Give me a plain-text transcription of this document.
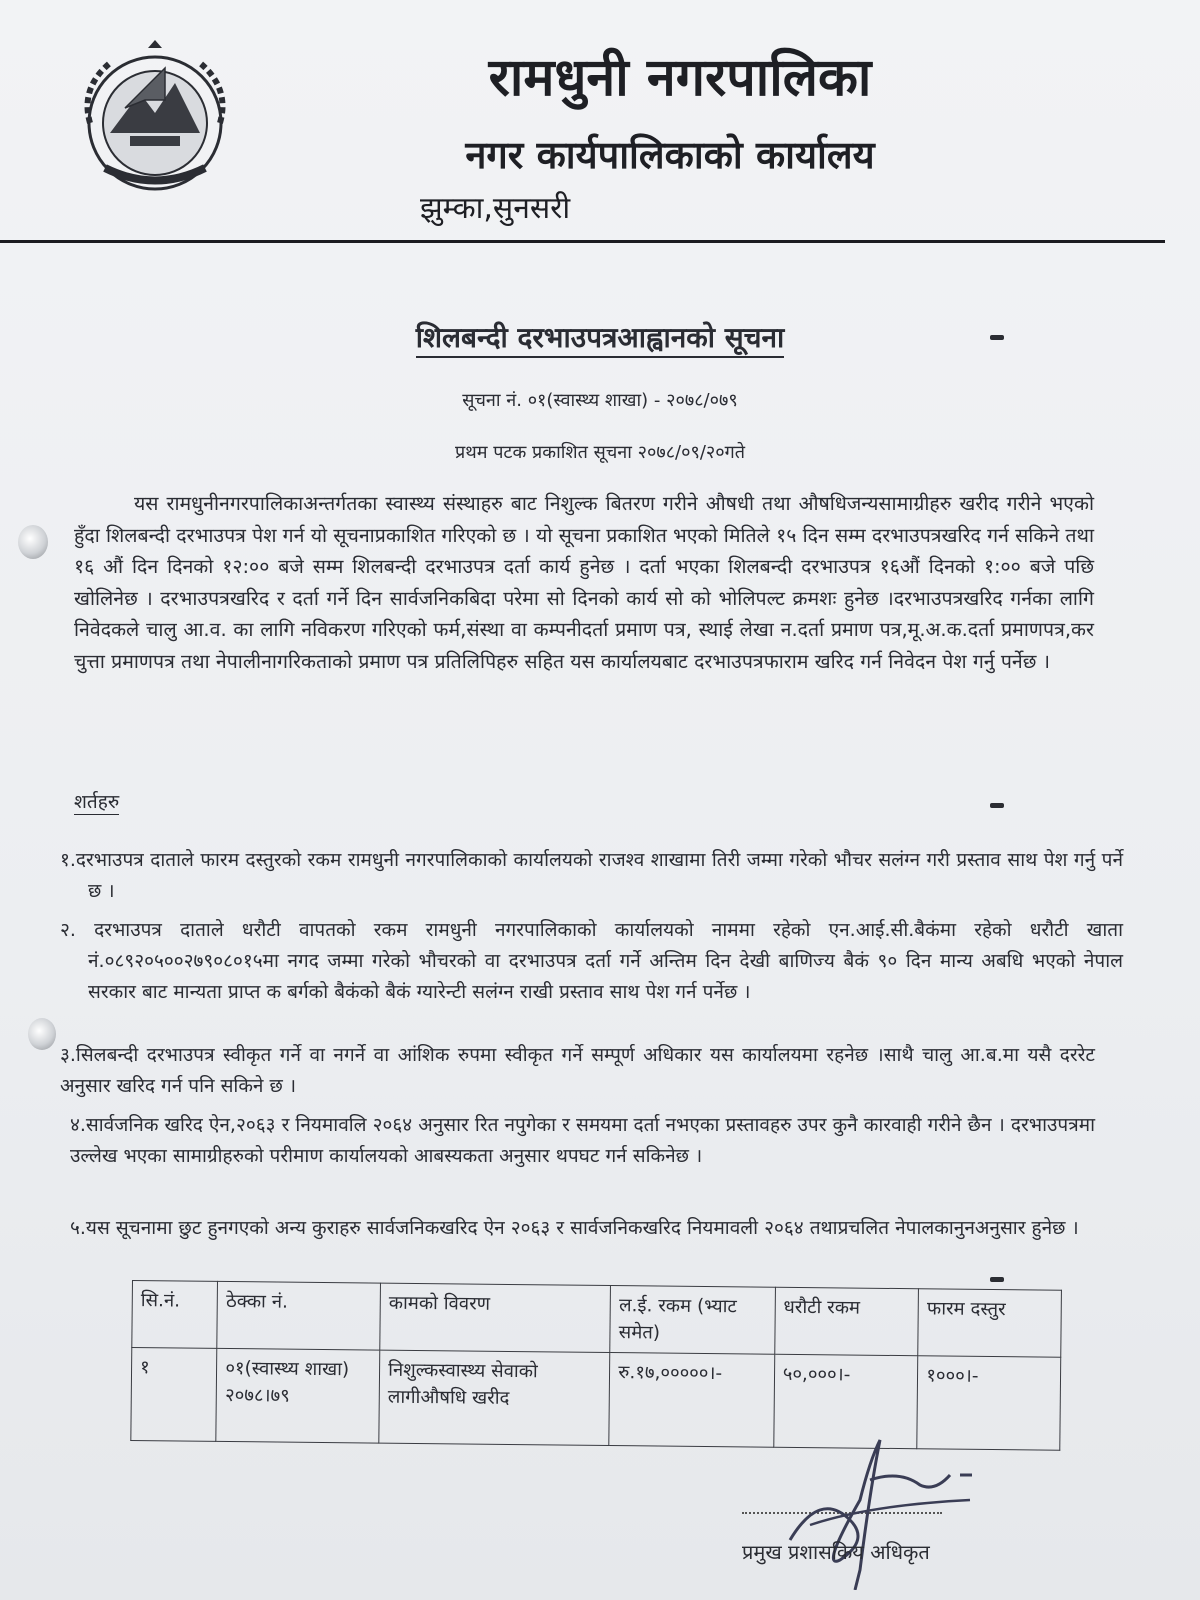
रामधुनी नगरपालिका
नगर कार्यपालिकाको कार्यालय
झुम्का,सुनसरी
शिलबन्दी दरभाउपत्रआह्वानको सूचना
सूचना नं. ०१(स्वास्थ्य शाखा) - २०७८/०७९
प्रथम पटक प्रकाशित सूचना २०७८/०९/२०गते
यस रामधुनीनगरपालिकाअन्तर्गतका स्वास्थ्य संस्थाहरु बाट निशुल्क बितरण गरीने औषधी तथा औषधिजन्यसामाग्रीहरु खरीद गरीने भएको हुँदा शिलबन्दी दरभाउपत्र पेश गर्न यो सूचनाप्रकाशित गरिएको छ । यो सूचना प्रकाशित भएको मितिले १५ दिन सम्म दरभाउपत्रखरिद गर्न सकिने तथा १६ औं दिन दिनको १२:०० बजे सम्म शिलबन्दी दरभाउपत्र दर्ता कार्य हुनेछ । दर्ता भएका शिलबन्दी दरभाउपत्र १६औं दिनको १:०० बजे पछि खोलिनेछ । दरभाउपत्रखरिद र दर्ता गर्ने दिन सार्वजनिकबिदा परेमा सो दिनको कार्य सो को भोलिपल्ट क्रमशः हुनेछ ।दरभाउपत्रखरिद गर्नका लागि निवेदकले चालु आ.व. का लागि नविकरण गरिएको फर्म,संस्था वा कम्पनीदर्ता प्रमाण पत्र, स्थाई लेखा न.दर्ता प्रमाण पत्र,मू.अ.क.दर्ता प्रमाणपत्र,कर चुत्ता प्रमाणपत्र तथा नेपालीनागरिकताको प्रमाण पत्र प्रतिलिपिहरु सहित यस कार्यालयबाट दरभाउपत्रफाराम खरिद गर्न निवेदन पेश गर्नु पर्नेछ ।
शर्तहरु
१.दरभाउपत्र दाताले फारम दस्तुरको रकम रामधुनी नगरपालिकाको कार्यालयको राजश्व शाखामा तिरी जम्मा गरेको भौचर सलंग्न गरी प्रस्ताव साथ पेश गर्नु पर्ने छ ।
२. दरभाउपत्र दाताले धरौटी वापतको रकम रामधुनी नगरपालिकाको कार्यालयको नाममा रहेको एन.आई.सी.बैकंमा रहेको धरौटी खाता नं.०८९२०५००२७९०८०१५मा नगद जम्मा गरेको भौचरको वा दरभाउपत्र दर्ता गर्ने अन्तिम दिन देखी बाणिज्य बैकं ९० दिन मान्य अबधि भएको नेपाल सरकार बाट मान्यता प्राप्त क बर्गको बैकंको बैकं ग्यारेन्टी सलंग्न राखी प्रस्ताव साथ पेश गर्न पर्नेछ ।
३.सिलबन्दी दरभाउपत्र स्वीकृत गर्ने वा नगर्ने वा आंशिक रुपमा स्वीकृत गर्ने सम्पूर्ण अधिकार यस कार्यालयमा रहनेछ ।साथै चालु आ.ब.मा यसै दररेट अनुसार खरिद गर्न पनि सकिने छ ।
४.सार्वजनिक खरिद ऐन,२०६३ र नियमावलि २०६४ अनुसार रित नपुगेका र समयमा दर्ता नभएका प्रस्तावहरु उपर कुनै कारवाही गरीने छैन । दरभाउपत्रमा उल्लेख भएका सामाग्रीहरुको परीमाण कार्यालयको आबस्यकता अनुसार थपघट गर्न सकिनेछ ।
५.यस सूचनामा छुट हुनगएको अन्य कुराहरु सार्वजनिकखरिद ऐन २०६३ र सार्वजनिकखरिद नियमावली २०६४ तथाप्रचलित नेपालकानुनअनुसार हुनेछ ।
सि.नं.	ठेक्का नं.	कामको विवरण	ल.ई. रकम (भ्याट समेत)	धरौटी रकम	फारम दस्तुर
१	०१(स्वास्थ्य शाखा) २०७८।७९	निशुल्कस्वास्थ्य सेवाको लागीऔषधि खरीद	रु.१७,०००००।-	५०,०००।-	१०००।-
प्रमुख प्रशासकिय अधिकृत
